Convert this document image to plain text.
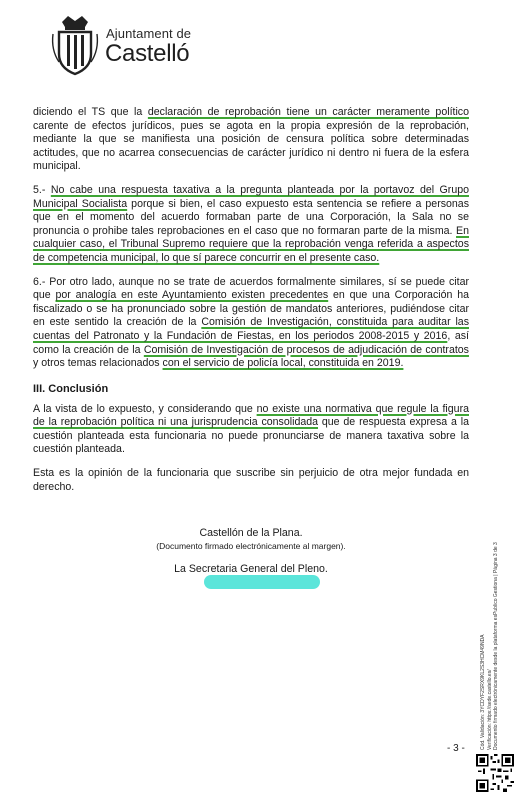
Ajuntament de
Castelló

diciendo el TS que la declaración de reprobación tiene un carácter meramente político carente de efectos jurídicos, pues se agota en la propia expresión de la reprobación, mediante la que se manifiesta una posición de censura política sobre determinadas actitudes, que no acarrea consecuencias de carácter jurídico ni dentro ni fuera de la esfera municipal.

5.- No cabe una respuesta taxativa a la pregunta planteada por la portavoz del Grupo Municipal Socialista porque si bien, el caso expuesto esta sentencia se refiere a personas que en el momento del acuerdo formaban parte de una Corporación, la Sala no se pronuncia o prohibe tales reprobaciones en el caso que no formaran parte de la misma. En cualquier caso, el Tribunal Supremo requiere que la reprobación venga referida a aspectos de competencia municipal, lo que sí parece concurrir en el presente caso.

6.- Por otro lado, aunque no se trate de acuerdos formalmente similares, sí se puede citar que por analogía en este Ayuntamiento existen precedentes en que una Corporación ha fiscalizado o se ha pronunciado sobre la gestión de mandatos anteriores, pudiéndose citar en este sentido la creación de la Comisión de Investigación, constituida para auditar las cuentas del Patronato y la Fundación de Fiestas, en los periodos 2008-2015 y 2016, así como la creación de la Comisión de Investigación de procesos de adjudicación de contratos y otros temas relacionados con el servicio de policía local, constituida en 2019.

III. Conclusión

A la vista de lo expuesto, y considerando que no existe una normativa que regule la figura de la reprobación política ni una jurisprudencia consolidada que de respuesta expresa a la cuestión planteada esta funcionaria no puede pronunciarse de manera taxativa sobre la cuestión planteada.

Esta es la opinión de la funcionaria que suscribe sin perjuicio de otra mejor fundada en derecho.

Castellón de la Plana.
(Documento firmado electrónicamente al margen).
La Secretaria General del Pleno.
- 3 -	Cód. Validación: 3YCDYF2SRX9KL2S3HCM49NDA Verificación: https://sede.castello.es/ Documento firmado electrónicamente desde la plataforma esPublico Gestiona | Página 3 de 3
